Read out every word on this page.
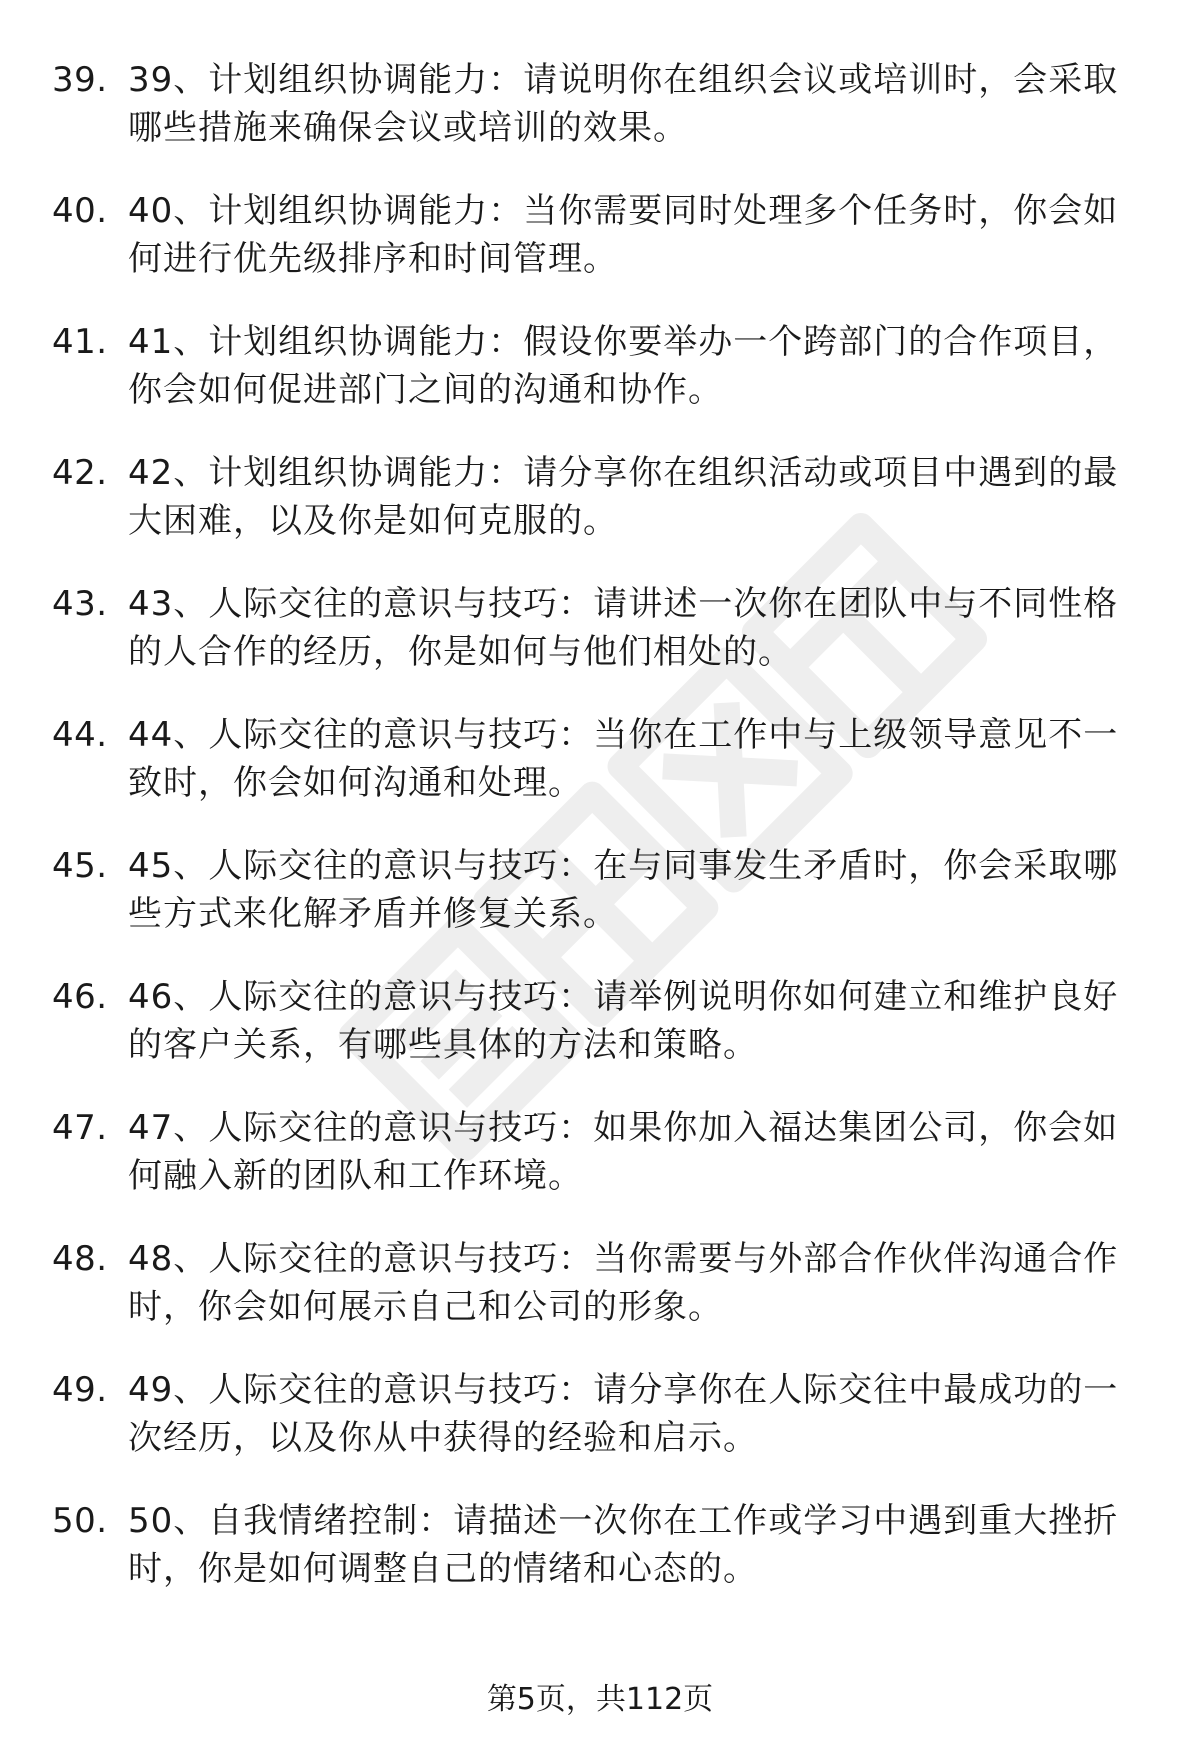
39. 39、计划组织协调能力：请说明你在组织会议或培训时，会采取哪些措施来确保会议或培训的效果。
40. 40、计划组织协调能力：当你需要同时处理多个任务时，你会如何进行优先级排序和时间管理。
41. 41、计划组织协调能力：假设你要举办一个跨部门的合作项目，你会如何促进部门之间的沟通和协作。
42. 42、计划组织协调能力：请分享你在组织活动或项目中遇到的最大困难，以及你是如何克服的。
43. 43、人际交往的意识与技巧：请讲述一次你在团队中与不同性格的人合作的经历，你是如何与他们相处的。
44. 44、人际交往的意识与技巧：当你在工作中与上级领导意见不一致时，你会如何沟通和处理。
45. 45、人际交往的意识与技巧：在与同事发生矛盾时，你会采取哪些方式来化解矛盾并修复关系。
46. 46、人际交往的意识与技巧：请举例说明你如何建立和维护良好的客户关系，有哪些具体的方法和策略。
47. 47、人际交往的意识与技巧：如果你加入福达集团公司，你会如何融入新的团队和工作环境。
48. 48、人际交往的意识与技巧：当你需要与外部合作伙伴沟通合作时，你会如何展示自己和公司的形象。
49. 49、人际交往的意识与技巧：请分享你在人际交往中最成功的一次经历，以及你从中获得的经验和启示。
50. 50、自我情绪控制：请描述一次你在工作或学习中遇到重大挫折时，你是如何调整自己的情绪和心态的。
第5页，共112页
